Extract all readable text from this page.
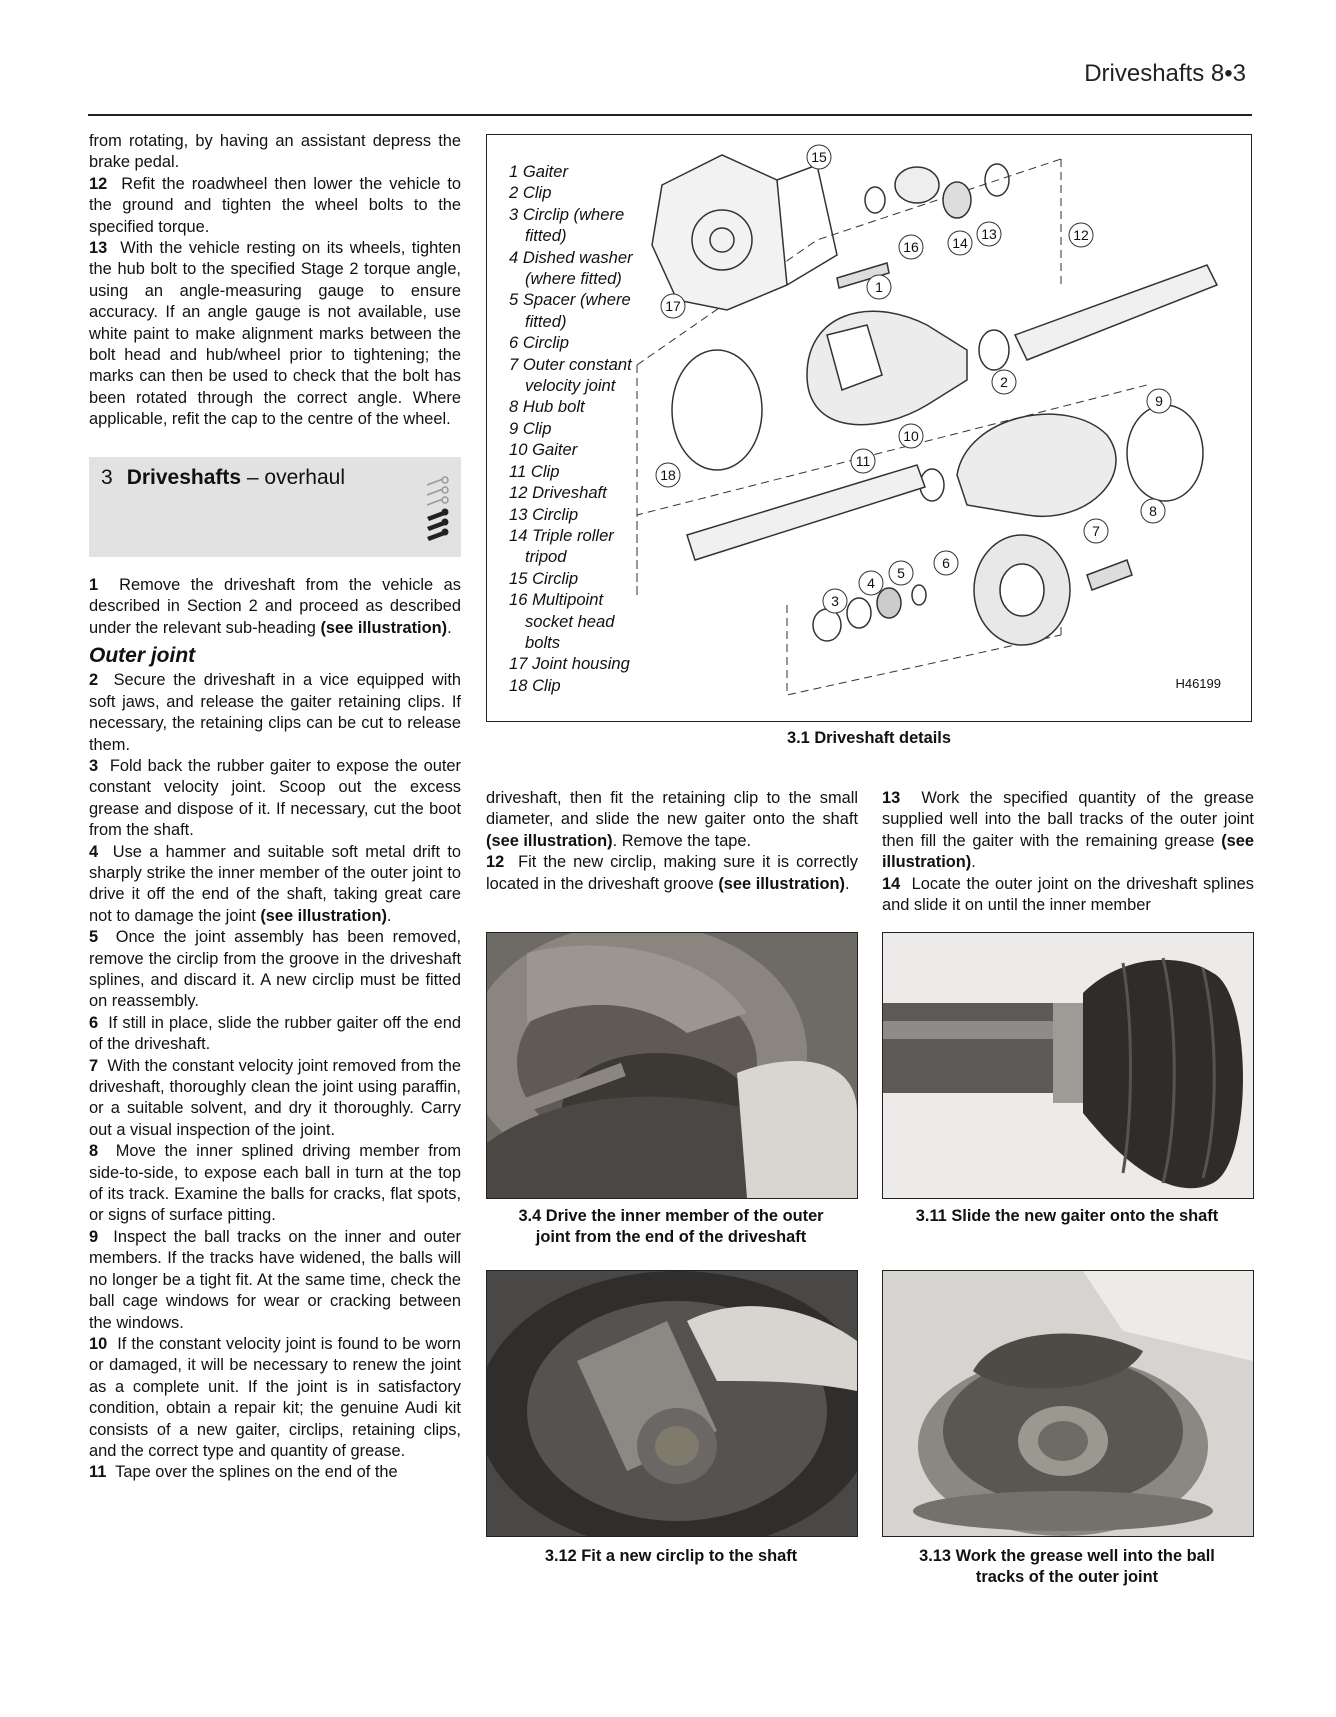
Driveshafts 8•3

from rotating, by having an assistant depress the brake pedal.

12 Refit the roadwheel then lower the vehicle to the ground and tighten the wheel bolts to the specified torque.

13 With the vehicle resting on its wheels, tighten the hub bolt to the specified Stage 2 torque angle, using an angle-measuring gauge to ensure accuracy. If an angle gauge is not available, use white paint to make alignment marks between the bolt head and hub/wheel prior to tightening; the marks can then be used to check that the bolt has been rotated through the correct angle. Where applicable, refit the cap to the centre of the wheel.

3 Driveshafts – overhaul

1 Remove the driveshaft from the vehicle as described in Section 2 and proceed as described under the relevant sub-heading (see illustration).

Outer joint

2 Secure the driveshaft in a vice equipped with soft jaws, and release the gaiter retaining clips. If necessary, the retaining clips can be cut to release them.

3 Fold back the rubber gaiter to expose the outer constant velocity joint. Scoop out the excess grease and dispose of it. If necessary, cut the boot from the shaft.

4 Use a hammer and suitable soft metal drift to sharply strike the inner member of the outer joint to drive it off the end of the shaft, taking great care not to damage the joint (see illustration).

5 Once the joint assembly has been removed, remove the circlip from the groove in the driveshaft splines, and discard it. A new circlip must be fitted on reassembly.

6 If still in place, slide the rubber gaiter off the end of the driveshaft.

7 With the constant velocity joint removed from the driveshaft, thoroughly clean the joint using paraffin, or a suitable solvent, and dry it thoroughly. Carry out a visual inspection of the joint.

8 Move the inner splined driving member from side-to-side, to expose each ball in turn at the top of its track. Examine the balls for cracks, flat spots, or signs of surface pitting.

9 Inspect the ball tracks on the inner and outer members. If the tracks have widened, the balls will no longer be a tight fit. At the same time, check the ball cage windows for wear or cracking between the windows.

10 If the constant velocity joint is found to be worn or damaged, it will be necessary to renew the joint as a complete unit. If the joint is in satisfactory condition, obtain a repair kit; the genuine Audi kit consists of a new gaiter, circlips, retaining clips, and the correct type and quantity of grease.

11 Tape over the splines on the end of the

1 Gaiter
2 Clip
3 Circlip (where
fitted)
4 Dished washer
(where fitted)
5 Spacer (where
fitted)
6 Circlip
7 Outer constant
velocity joint
8 Hub bolt
9 Clip
10 Gaiter
11 Clip
12 Driveshaft
13 Circlip
14 Triple roller
tripod
15 Circlip
16 Multipoint
socket head
bolts
17 Joint housing
18 Clip
1
2
3
4
5
6
7
8
9
10
11
12
13
14
15
16
17
18
H46199
3.1 Driveshaft details

driveshaft, then fit the retaining clip to the small diameter, and slide the new gaiter onto the shaft (see illustration). Remove the tape.

12 Fit the new circlip, making sure it is correctly located in the driveshaft groove (see illustration).

13 Work the specified quantity of the grease supplied well into the ball tracks of the outer joint then fill the gaiter with the remaining grease (see illustration).

14 Locate the outer joint on the driveshaft splines and slide it on until the inner member

3.4 Drive the inner member of the outer
joint from the end of the driveshaft
3.11 Slide the new gaiter onto the shaft
3.12 Fit a new circlip to the shaft	3.13 Work the grease well into the ball
tracks of the outer joint
